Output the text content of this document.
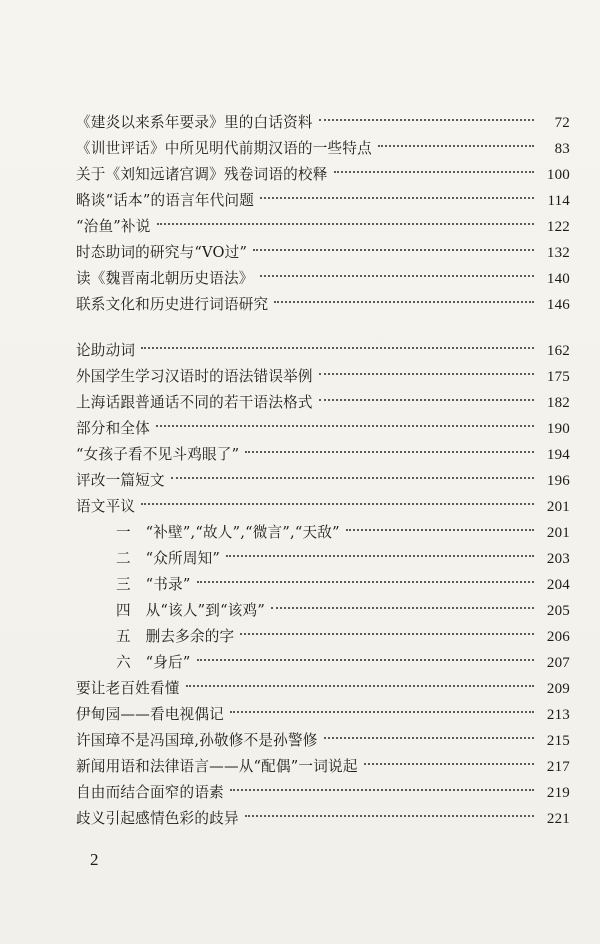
《建炎以来系年要录》里的白话资料	72
《训世评话》中所见明代前期汉语的一些特点	83
关于《刘知远诸宫调》残卷词语的校释	100
略谈“话本”的语言年代问题	114
“治鱼”补说	122
时态助词的研究与“VO过”	132
读《魏晋南北朝历史语法》	140
联系文化和历史进行词语研究	146
论助动词	162
外国学生学习汉语时的语法错误举例	175
上海话跟普通话不同的若干语法格式	182
部分和全体	190
“女孩子看不见斗鸡眼了”	194
评改一篇短文	196
语文平议	201
一　“补壁”,“故人”,“微言”,“天敌”	201
二　“众所周知”	203
三　“书录”	204
四　从“该人”到“该鸡”	205
五　删去多余的字	206
六　“身后”	207
要让老百姓看懂	209
伊甸园——看电视偶记	213
许国璋不是冯国璋,孙敬修不是孙警修	215
新闻用语和法律语言——从“配偶”一词说起	217
自由而结合面窄的语素	219
歧义引起感情色彩的歧异	221
2
